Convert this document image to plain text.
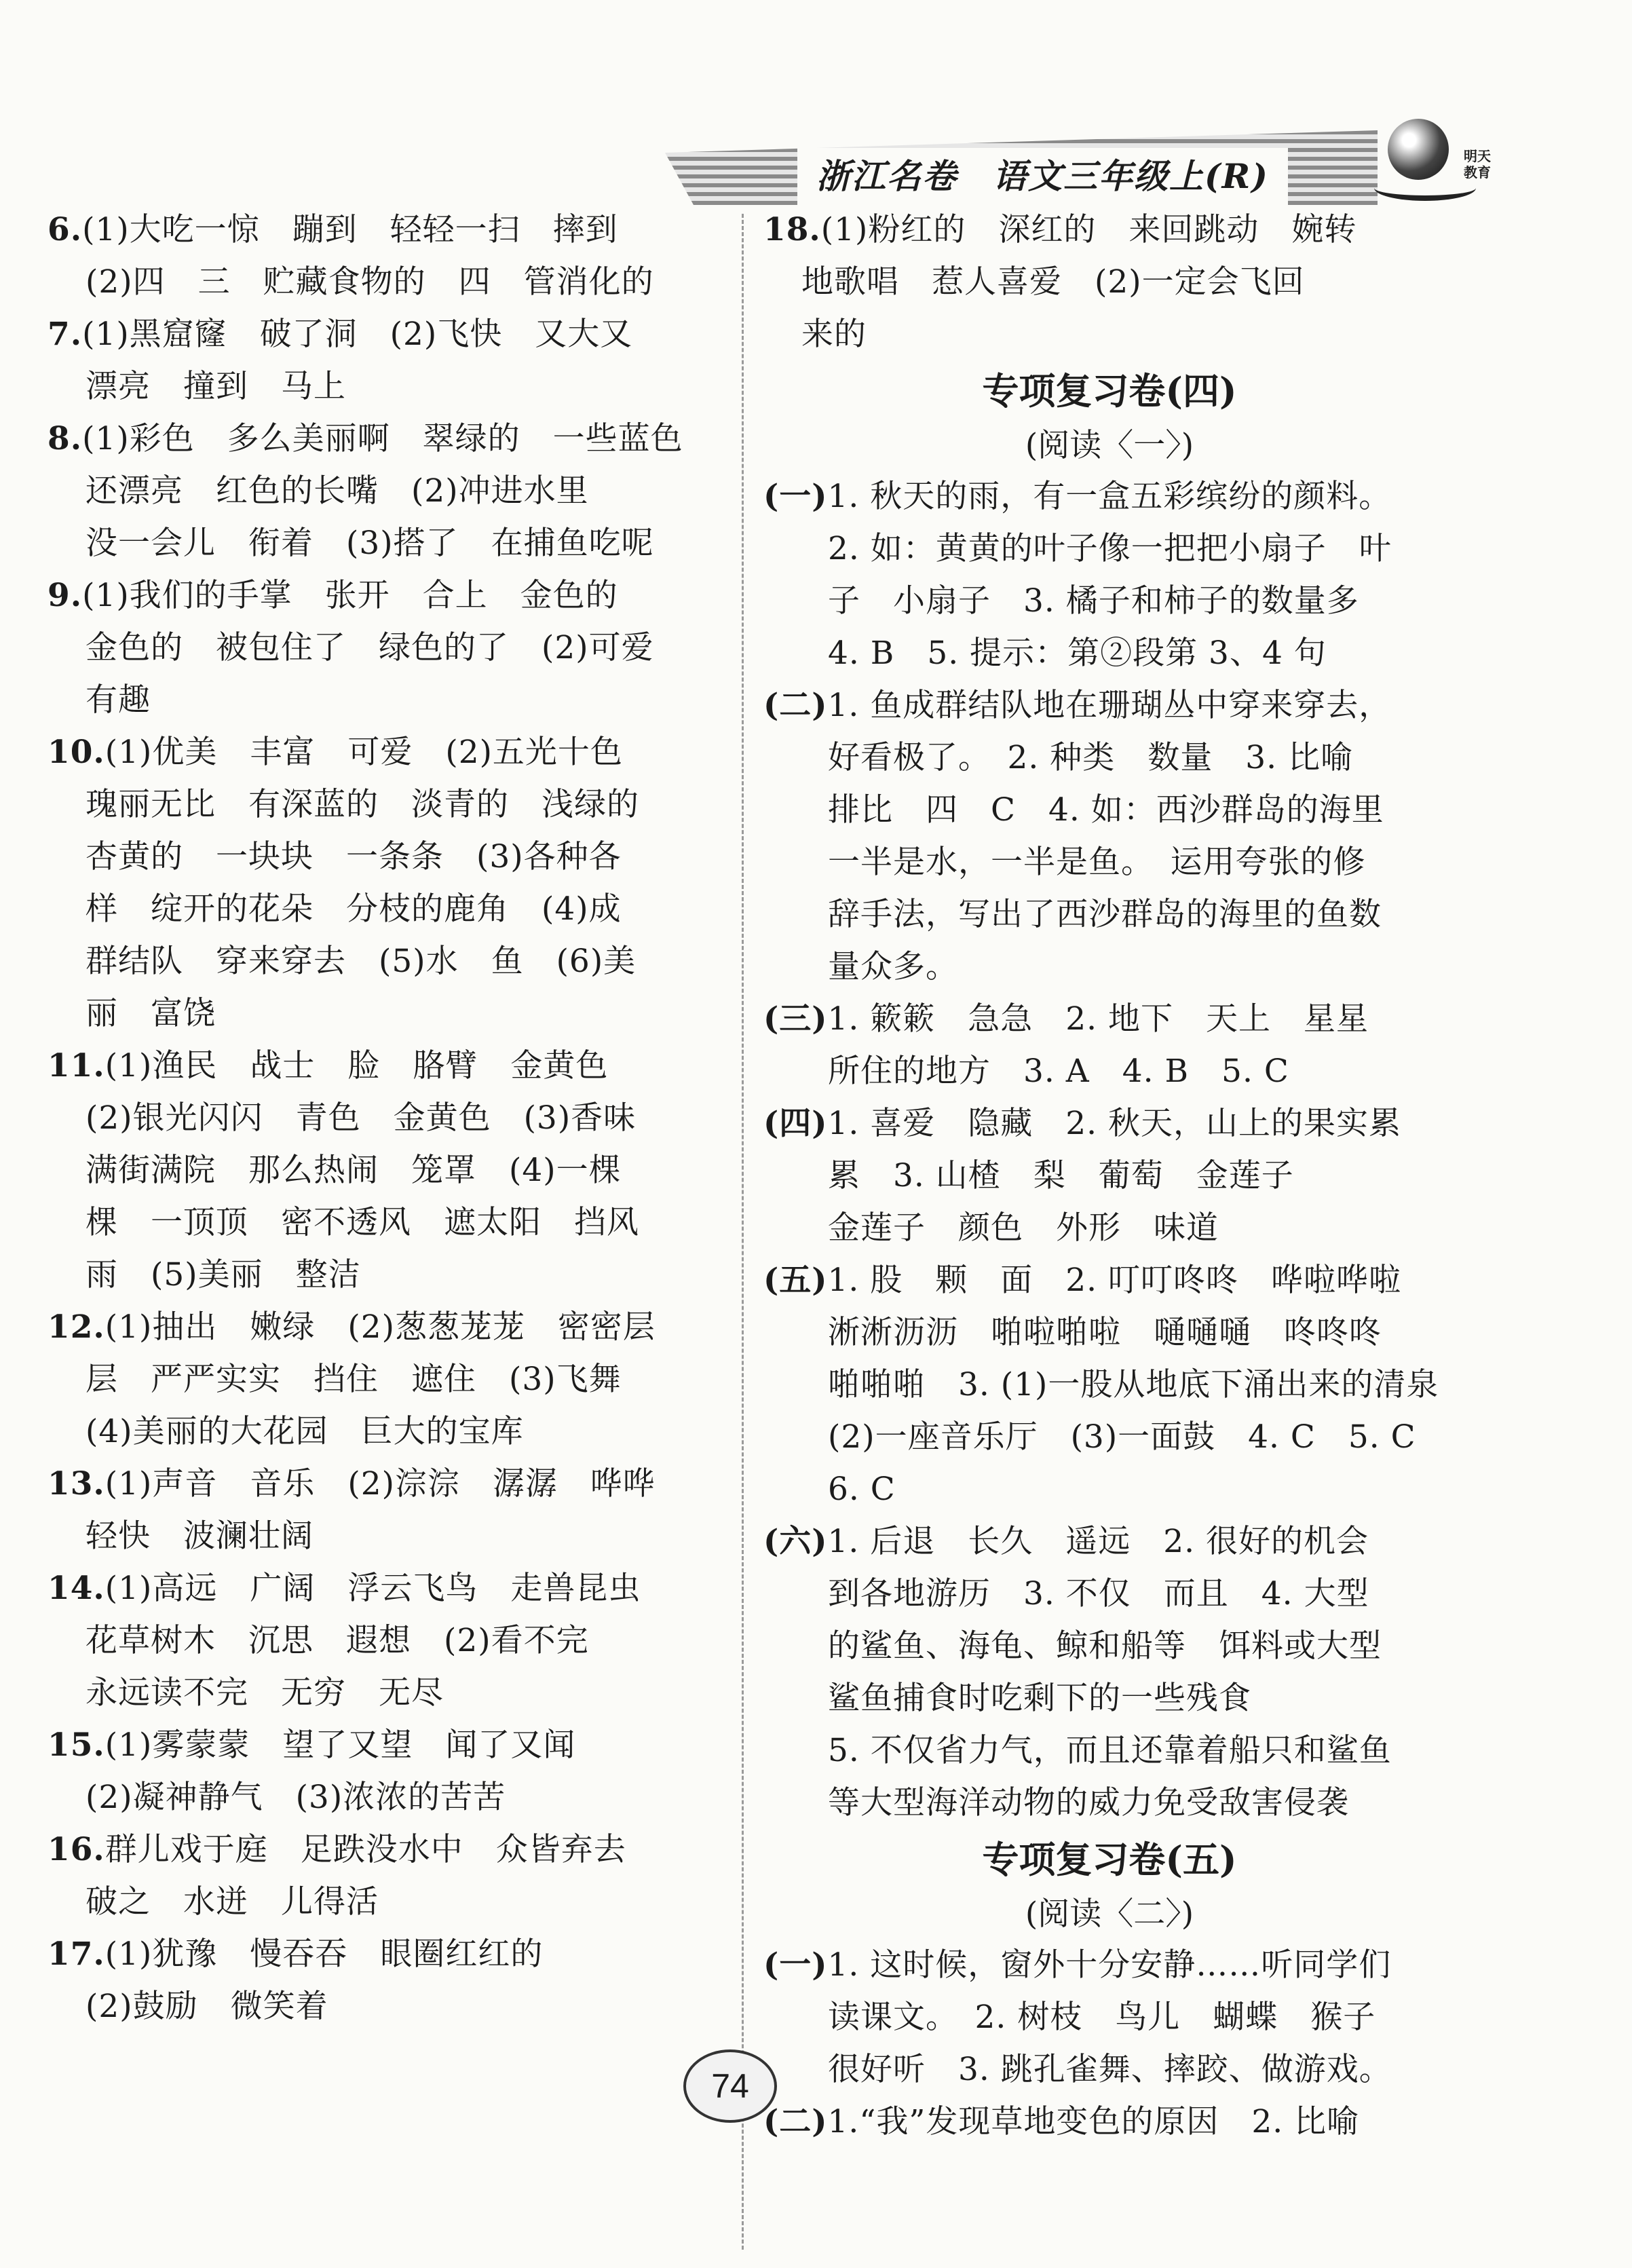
浙江名卷　语文三年级上(R)	明天教育
6.(1)大吃一惊　蹦到　轻轻一扫　摔到
(2)四　三　贮藏食物的　四　管消化的
7.(1)黑窟窿　破了洞　(2)飞快　又大又
漂亮　撞到　马上
8.(1)彩色　多么美丽啊　翠绿的　一些蓝色
还漂亮　红色的长嘴　(2)冲进水里
没一会儿　衔着　(3)搭了　在捕鱼吃呢
9.(1)我们的手掌　张开　合上　金色的
金色的　被包住了　绿色的了　(2)可爱
有趣
10.(1)优美　丰富　可爱　(2)五光十色
瑰丽无比　有深蓝的　淡青的　浅绿的
杏黄的　一块块　一条条　(3)各种各
样　绽开的花朵　分枝的鹿角　(4)成
群结队　穿来穿去　(5)水　鱼　(6)美
丽　富饶
11.(1)渔民　战士　脸　胳臂　金黄色
(2)银光闪闪　青色　金黄色　(3)香味
满街满院　那么热闹　笼罩　(4)一棵
棵　一顶顶　密不透风　遮太阳　挡风
雨　(5)美丽　整洁
12.(1)抽出　嫩绿　(2)葱葱茏茏　密密层
层　严严实实　挡住　遮住　(3)飞舞
(4)美丽的大花园　巨大的宝库
13.(1)声音　音乐　(2)淙淙　潺潺　哗哗
轻快　波澜壮阔
14.(1)高远　广阔　浮云飞鸟　走兽昆虫
花草树木　沉思　遐想　(2)看不完
永远读不完　无穷　无尽
15.(1)雾蒙蒙　望了又望　闻了又闻
(2)凝神静气　(3)浓浓的苦苦
16.群儿戏于庭　足跌没水中　众皆弃去
破之　水迸　儿得活
17.(1)犹豫　慢吞吞　眼圈红红的
(2)鼓励　微笑着
18.(1)粉红的　深红的　来回跳动　婉转
地歌唱　惹人喜爱　(2)一定会飞回
来的
专项复习卷(四)
(阅读〈一〉)
(一)1. 秋天的雨，有一盒五彩缤纷的颜料。
2. 如：黄黄的叶子像一把把小扇子　叶
子　小扇子　3. 橘子和柿子的数量多
4. B　5. 提示：第②段第 3、4 句
(二)1. 鱼成群结队地在珊瑚丛中穿来穿去，
好看极了。　2. 种类　数量　3. 比喻
排比　四　C　4. 如：西沙群岛的海里
一半是水，一半是鱼。　运用夸张的修
辞手法，写出了西沙群岛的海里的鱼数
量众多。
(三)1. 簌簌　急急　2. 地下　天上　星星
所住的地方　3. A　4. B　5. C
(四)1. 喜爱　隐藏　2. 秋天，山上的果实累
累　3. 山楂　梨　葡萄　金莲子
金莲子　颜色　外形　味道
(五)1. 股　颗　面　2. 叮叮咚咚　哗啦哗啦
淅淅沥沥　啪啦啪啦　嗵嗵嗵　咚咚咚
啪啪啪　3. (1)一股从地底下涌出来的清泉
(2)一座音乐厅　(3)一面鼓　4. C　5. C
6. C
(六)1. 后退　长久　遥远　2. 很好的机会
到各地游历　3. 不仅　而且　4. 大型
的鲨鱼、海龟、鲸和船等　饵料或大型
鲨鱼捕食时吃剩下的一些残食
5. 不仅省力气，而且还靠着船只和鲨鱼
等大型海洋动物的威力免受敌害侵袭
专项复习卷(五)
(阅读〈二〉)
(一)1. 这时候，窗外十分安静……听同学们
读课文。　2. 树枝　鸟儿　蝴蝶　猴子
很好听　3. 跳孔雀舞、摔跤、做游戏。
(二)1.“我”发现草地变色的原因　2. 比喻
74
